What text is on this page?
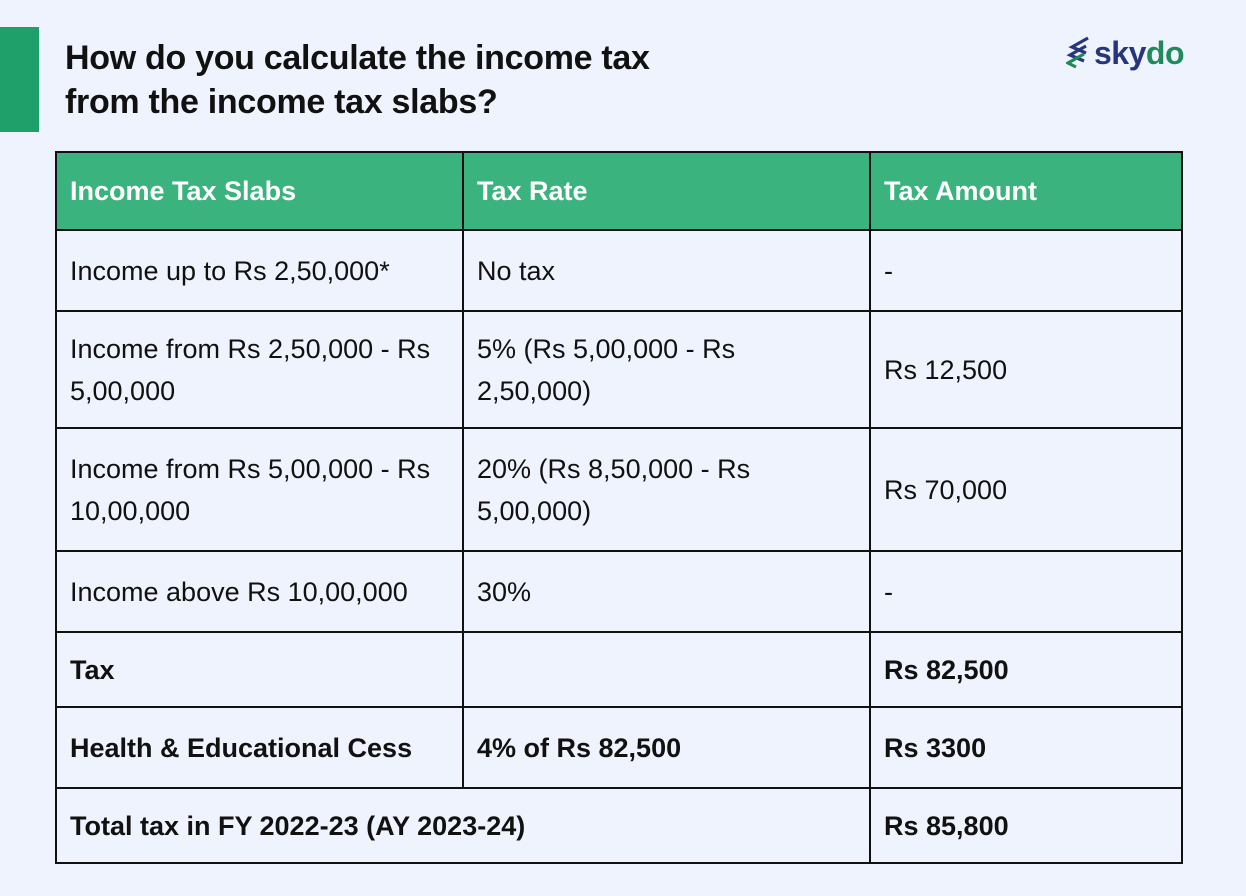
How do you calculate the income tax
from the income tax slabs?
skydo
Income Tax Slabs	Tax Rate	Tax Amount
Income up to Rs 2,50,000*	No tax	-
Income from Rs 2,50,000 - Rs 5,00,000	5% (Rs 5,00,000 - Rs 2,50,000)	Rs 12,500
Income from Rs 5,00,000 - Rs 10,00,000	20% (Rs 8,50,000 - Rs 5,00,000)	Rs 70,000
Income above Rs 10,00,000	30%	-
Tax		Rs 82,500
Health & Educational Cess	4% of Rs 82,500	Rs 3300
Total tax in FY 2022-23 (AY 2023-24)		Rs 85,800
